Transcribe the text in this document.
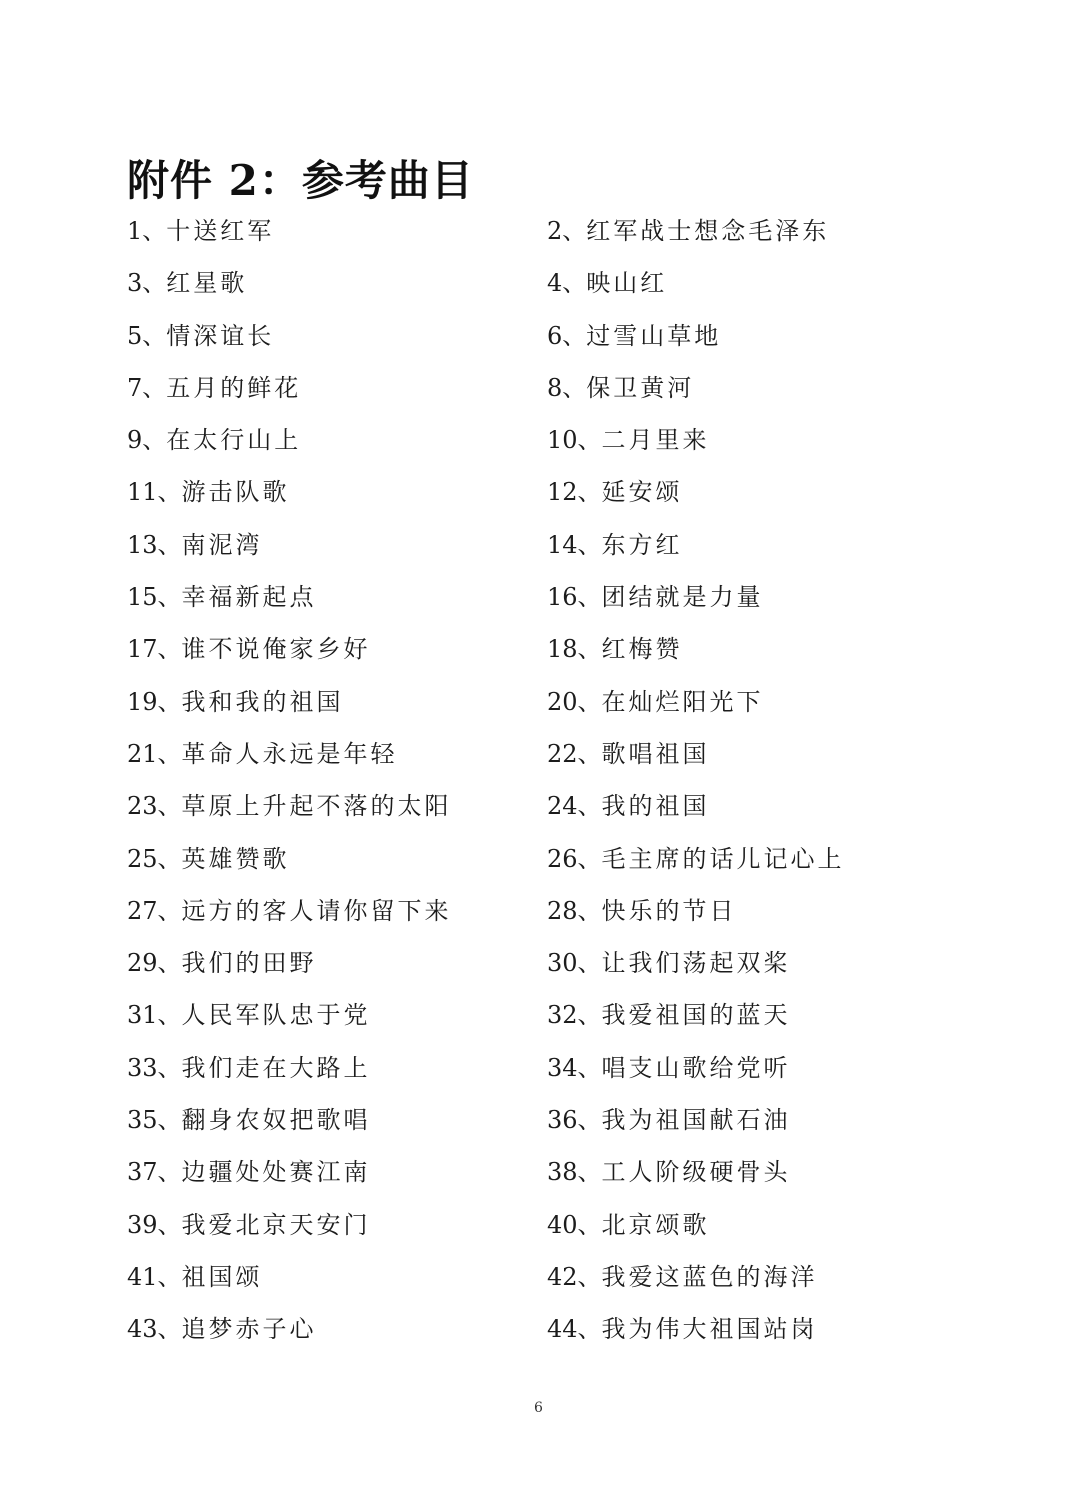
附件 2：参考曲目
1、十送红军	2、红军战士想念毛泽东
3、红星歌	4、映山红
5、情深谊长	6、过雪山草地
7、五月的鲜花	8、保卫黄河
9、在太行山上	10、二月里来
11、游击队歌	12、延安颂
13、南泥湾	14、东方红
15、幸福新起点	16、团结就是力量
17、谁不说俺家乡好	18、红梅赞
19、我和我的祖国	20、在灿烂阳光下
21、革命人永远是年轻	22、歌唱祖国
23、草原上升起不落的太阳	24、我的祖国
25、英雄赞歌	26、毛主席的话儿记心上
27、远方的客人请你留下来	28、快乐的节日
29、我们的田野	30、让我们荡起双桨
31、人民军队忠于党	32、我爱祖国的蓝天
33、我们走在大路上	34、唱支山歌给党听
35、翻身农奴把歌唱	36、我为祖国献石油
37、边疆处处赛江南	38、工人阶级硬骨头
39、我爱北京天安门	40、北京颂歌
41、祖国颂	42、我爱这蓝色的海洋
43、追梦赤子心	44、我为伟大祖国站岗
6
